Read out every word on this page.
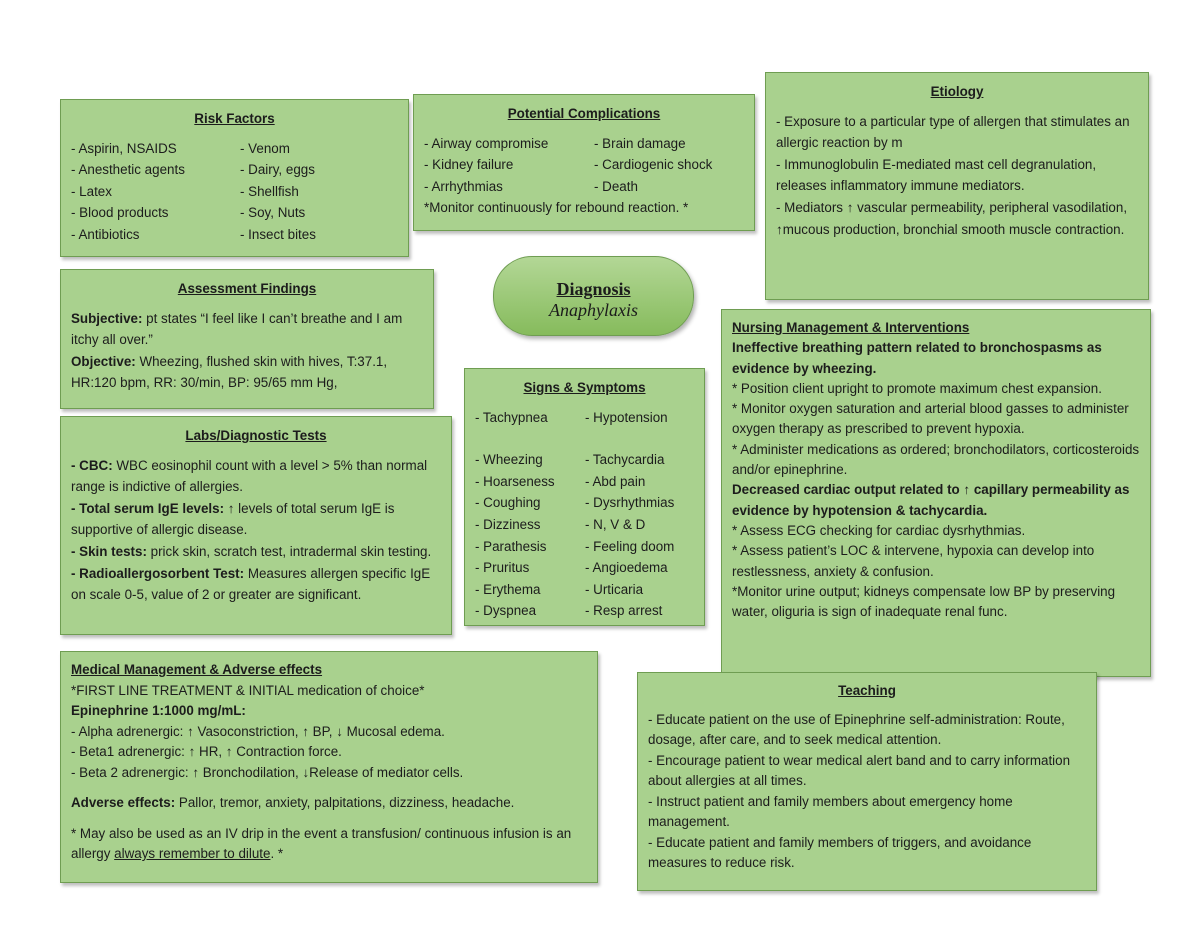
Risk Factors
- Aspirin, NSAIDS
- Anesthetic agents
- Latex
- Blood products
- Antibiotics
- Venom
- Dairy, eggs
- Shellfish
- Soy, Nuts
- Insect bites
Potential Complications
- Airway compromise
- Kidney failure
- Arrhythmias
- Brain damage
- Cardiogenic shock
- Death
*Monitor continuously for rebound reaction. *
Etiology
- Exposure to a particular type of allergen that stimulates an allergic reaction by m
- Immunoglobulin E-mediated mast cell degranulation, releases inflammatory immune mediators.
- Mediators ↑ vascular permeability, peripheral vasodilation, ↑mucous production, bronchial smooth muscle contraction.
Diagnosis
Anaphylaxis
Assessment Findings
Subjective: pt states “I feel like I can’t breathe and I am itchy all over.”
Objective: Wheezing, flushed skin with hives, T:37.1, HR:120 bpm, RR: 30/min, BP: 95/65 mm Hg,
Labs/Diagnostic Tests
- CBC: WBC eosinophil count with a level > 5% than normal range is indictive of allergies.
- Total serum IgE levels: ↑ levels of total serum IgE is supportive of allergic disease.
- Skin tests: prick skin, scratch test, intradermal skin testing.
- Radioallergosorbent Test: Measures allergen specific IgE on scale 0-5, value of 2 or greater are significant.
Signs & Symptoms
- Tachypnea	- Hypotension
- Wheezing
- Hoarseness
- Coughing
- Dizziness
- Parathesis
- Pruritus
- Erythema
- Dyspnea
- Tachycardia
- Abd pain
- Dysrhythmias
- N, V & D
- Feeling doom
- Angioedema
- Urticaria
- Resp arrest
Nursing Management & Interventions
Ineffective breathing pattern related to bronchospasms as evidence by wheezing.
* Position client upright to promote maximum chest expansion.
* Monitor oxygen saturation and arterial blood gasses to administer oxygen therapy as prescribed to prevent hypoxia.
* Administer medications as ordered; bronchodilators, corticosteroids and/or epinephrine.
Decreased cardiac output related to ↑ capillary permeability as evidence by hypotension & tachycardia.
* Assess ECG checking for cardiac dysrhythmias.
* Assess patient’s LOC & intervene, hypoxia can develop into restlessness, anxiety & confusion.
*Monitor urine output; kidneys compensate low BP by preserving water, oliguria is sign of inadequate renal func.
Medical Management & Adverse effects
*FIRST LINE TREATMENT & INITIAL medication of choice*
Epinephrine 1:1000 mg/mL:
- Alpha adrenergic: ↑ Vasoconstriction, ↑ BP, ↓ Mucosal edema.
- Beta1 adrenergic: ↑ HR, ↑ Contraction force.
- Beta 2 adrenergic: ↑ Bronchodilation, ↓Release of mediator cells.
Adverse effects: Pallor, tremor, anxiety, palpitations, dizziness, headache.
* May also be used as an IV drip in the event a transfusion/ continuous infusion is an allergy always remember to dilute. *
Teaching
- Educate patient on the use of Epinephrine self-administration: Route, dosage, after care, and to seek medical attention.
- Encourage patient to wear medical alert band and to carry information about allergies at all times.
- Instruct patient and family members about emergency home management.
- Educate patient and family members of triggers, and avoidance measures to reduce risk.
